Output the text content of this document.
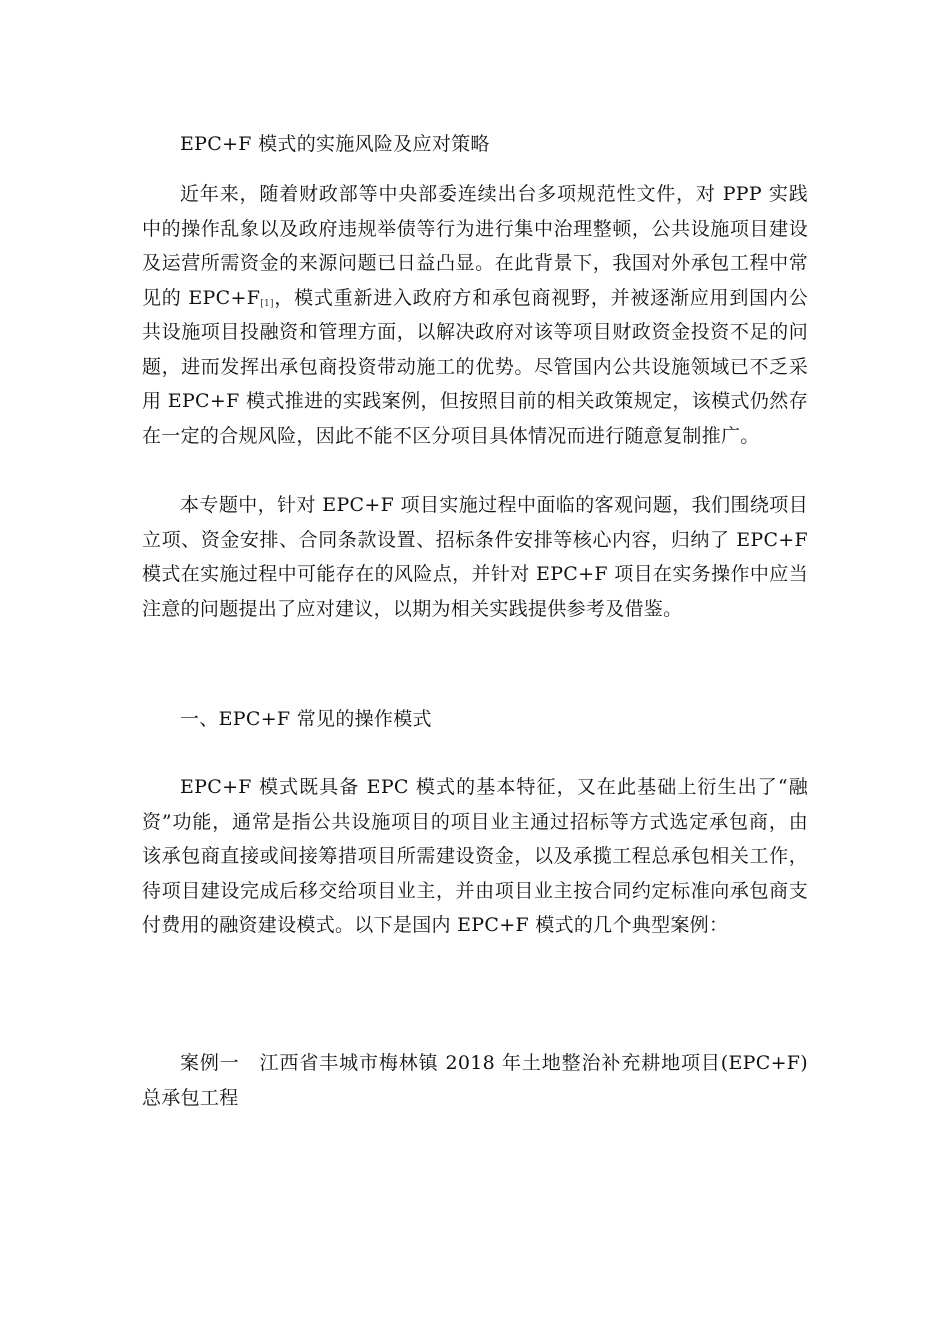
EPC+F 模式的实施风险及应对策略

近年来，随着财政部等中央部委连续出台多项规范性文件，对 PPP 实践中的操作乱象以及政府违规举债等行为进行集中治理整顿，公共设施项目建设及运营所需资金的来源问题已日益凸显。在此背景下，我国对外承包工程中常见的 $EPC+F_{[1]}$，模式重新进入政府方和承包商视野，并被逐渐应用到国内公共设施项目投融资和管理方面，以解决政府对该等项目财政资金投资不足的问题，进而发挥出承包商投资带动施工的优势。尽管国内公共设施领域已不乏采用 EPC+F 模式推进的实践案例，但按照目前的相关政策规定，该模式仍然存在一定的合规风险，因此不能不区分项目具体情况而进行随意复制推广。

本专题中，针对 EPC+F 项目实施过程中面临的客观问题，我们围绕项目立项、资金安排、合同条款设置、招标条件安排等核心内容，归纳了 EPC+F 模式在实施过程中可能存在的风险点，并针对 EPC+F 项目在实务操作中应当注意的问题提出了应对建议，以期为相关实践提供参考及借鉴。

一、EPC+F 常见的操作模式

EPC+F 模式既具备 EPC 模式的基本特征，又在此基础上衍生出了“融资”功能，通常是指公共设施项目的项目业主通过招标等方式选定承包商，由该承包商直接或间接筹措项目所需建设资金，以及承揽工程总承包相关工作，待项目建设完成后移交给项目业主，并由项目业主按合同约定标准向承包商支付费用的融资建设模式。以下是国内 EPC+F 模式的几个典型案例：

案例一　江西省丰城市梅林镇 2018 年土地整治补充耕地项目(EPC+F)总承包工程
